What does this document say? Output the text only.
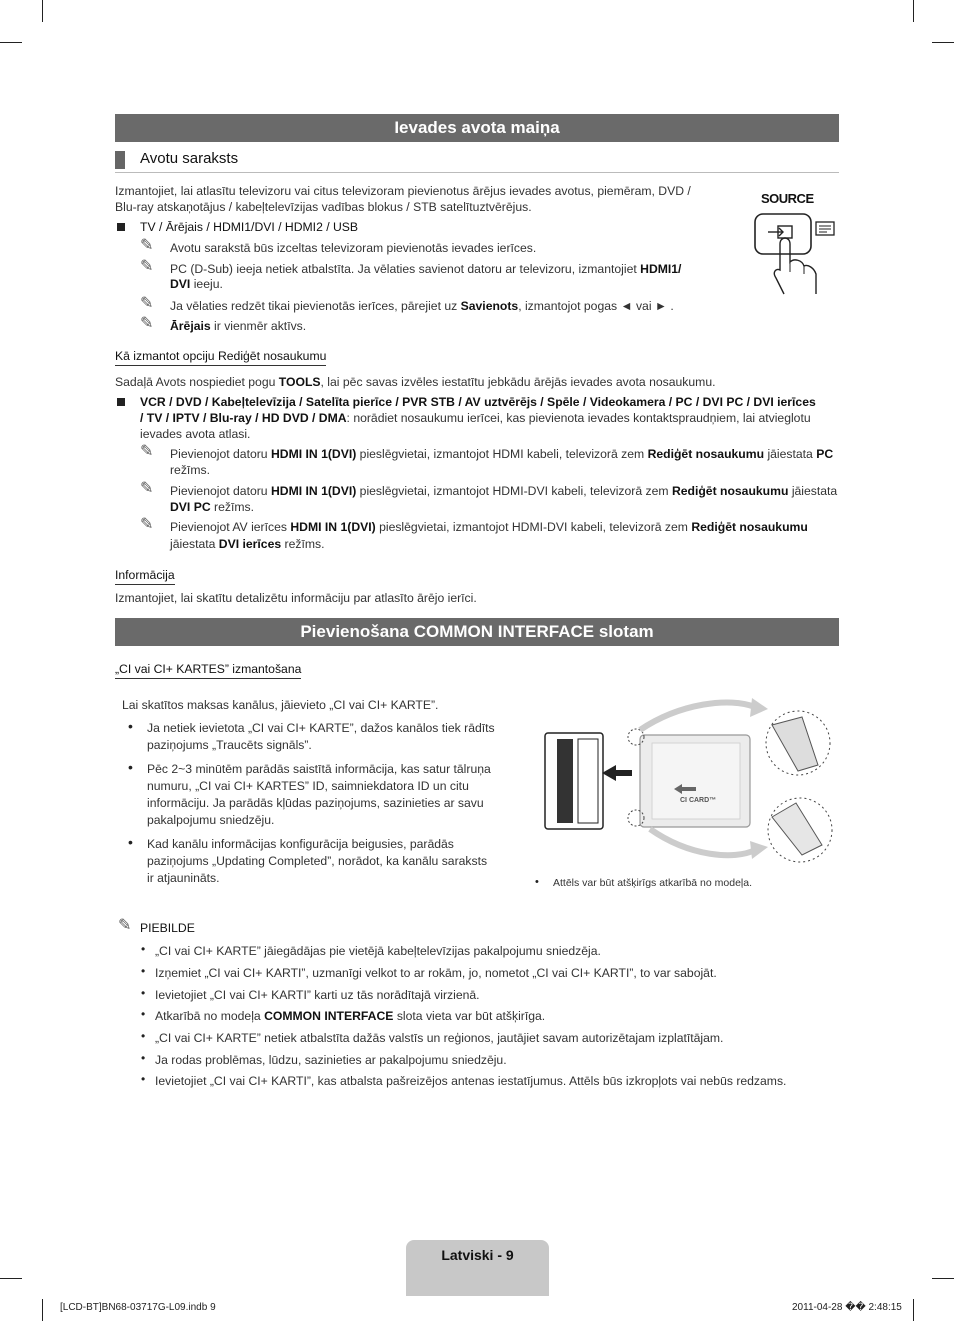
Ievades avota maiņa
Avotu saraksts
Izmantojiet, lai atlasītu televizoru vai citus televizoram pievienotus ārējus ievades avotus, piemēram, DVD /
Blu-ray atskaņotājus / kabeļtelevīzijas vadības blokus / STB satelītuztvērējus.
TV / Ārējais / HDMI1/DVI / HDMI2 / USB
✎ Avotu sarakstā būs izceltas televizoram pievienotās ievades ierīces.
✎ PC (D-Sub) ieeja netiek atbalstīta. Ja vēlaties savienot datoru ar televizoru, izmantojiet HDMI1/
DVI ieeju.
✎ Ja vēlaties redzēt tikai pievienotās ierīces, pārejiet uz Savienots, izmantojot pogas ◄ vai ► .
✎ Ārējais ir vienmēr aktīvs.
SOURCE
Kā izmantot opciju Rediģēt nosaukumu
Sadaļā Avots nospiediet pogu TOOLS, lai pēc savas izvēles iestatītu jebkādu ārējās ievades avota nosaukumu.
VCR / DVD / Kabeļtelevīzija / Satelīta pierīce / PVR STB / AV uztvērējs / Spēle / Videokamera / PC / DVI PC / DVI ierīces
/ TV / IPTV / Blu-ray / HD DVD / DMA: norādiet nosaukumu ierīcei, kas pievienota ievades kontaktspraudņiem, lai atvieglotu
ievades avota atlasi.
✎ Pievienojot datoru HDMI IN 1(DVI) pieslēgvietai, izmantojot HDMI kabeli, televizorā zem Rediģēt nosaukumu jāiestata PC
režīms.
✎ Pievienojot datoru HDMI IN 1(DVI) pieslēgvietai, izmantojot HDMI-DVI kabeli, televizorā zem Rediģēt nosaukumu jāiestata
DVI PC režīms.
✎ Pievienojot AV ierīces HDMI IN 1(DVI) pieslēgvietai, izmantojot HDMI-DVI kabeli, televizorā zem Rediģēt nosaukumu
jāiestata DVI ierīces režīms.
Informācija
Izmantojiet, lai skatītu detalizētu informāciju par atlasīto ārējo ierīci.
Pievienošana COMMON INTERFACE slotam
„CI vai CI+ KARTES” izmantošana
Lai skatītos maksas kanālus, jāievieto „CI vai CI+ KARTE”.
• Ja netiek ievietota „CI vai CI+ KARTE”, dažos kanālos tiek rādīts
paziņojums „Traucēts signāls”.
• Pēc 2~3 minūtēm parādās saistītā informācija, kas satur tālruņa
numuru, „CI vai CI+ KARTES” ID, saimniekdatora ID un citu
informāciju. Ja parādās kļūdas paziņojums, sazinieties ar savu
pakalpojumu sniedzēju.
• Kad kanālu informācijas konfigurācija beigusies, parādās
paziņojums „Updating Completed”, norādot, ka kanālu saraksts
ir atjaunināts.
COMMON INTERFACE	CI CARD™
• Attēls var būt atšķirīgs atkarībā no modeļa.
✎ PIEBILDE
• „CI vai CI+ KARTE” jāiegādājas pie vietējā kabeļtelevīzijas pakalpojumu sniedzēja.
• Izņemiet „CI vai CI+ KARTI”, uzmanīgi velkot to ar rokām, jo, nometot „CI vai CI+ KARTI”, to var sabojāt.
• Ievietojiet „CI vai CI+ KARTI” karti uz tās norādītajā virzienā.
• Atkarībā no modeļa COMMON INTERFACE slota vieta var būt atšķirīga.
• „CI vai CI+ KARTE” netiek atbalstīta dažās valstīs un reģionos, jautājiet savam autorizētajam izplatītājam.
• Ja rodas problēmas, lūdzu, sazinieties ar pakalpojumu sniedzēju.
• Ievietojiet „CI vai CI+ KARTI”, kas atbalsta pašreizējos antenas iestatījumus. Attēls būs izkropļots vai nebūs redzams.
Latviski - 9
[LCD-BT]BN68-03717G-L09.indb 9	2011-04-28 �� 2:48:15
